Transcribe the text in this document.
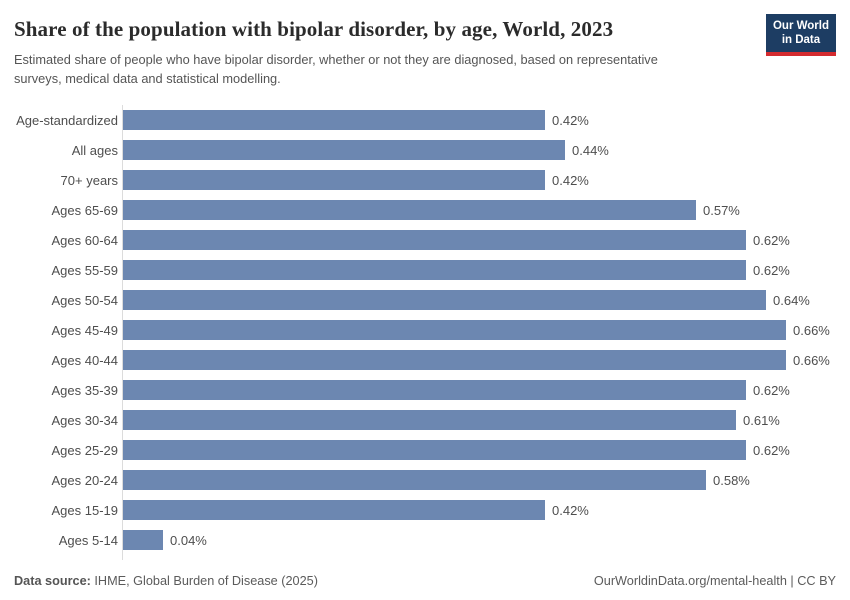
Share of the population with bipolar disorder, by age, World, 2023

Estimated share of people who have bipolar disorder, whether or not they are diagnosed, based on representative surveys, medical data and statistical modelling.

Our World
in Data
Age-standardized	0.42%
All ages	0.44%
70+ years	0.42%
Ages 65-69	0.57%
Ages 60-64	0.62%
Ages 55-59	0.62%
Ages 50-54	0.64%
Ages 45-49	0.66%
Ages 40-44	0.66%
Ages 35-39	0.62%
Ages 30-34	0.61%
Ages 25-29	0.62%
Ages 20-24	0.58%
Ages 15-19	0.42%
Ages 5-14	0.04%
Data source: IHME, Global Burden of Disease (2025)	OurWorldinData.org/mental-health | CC BY
